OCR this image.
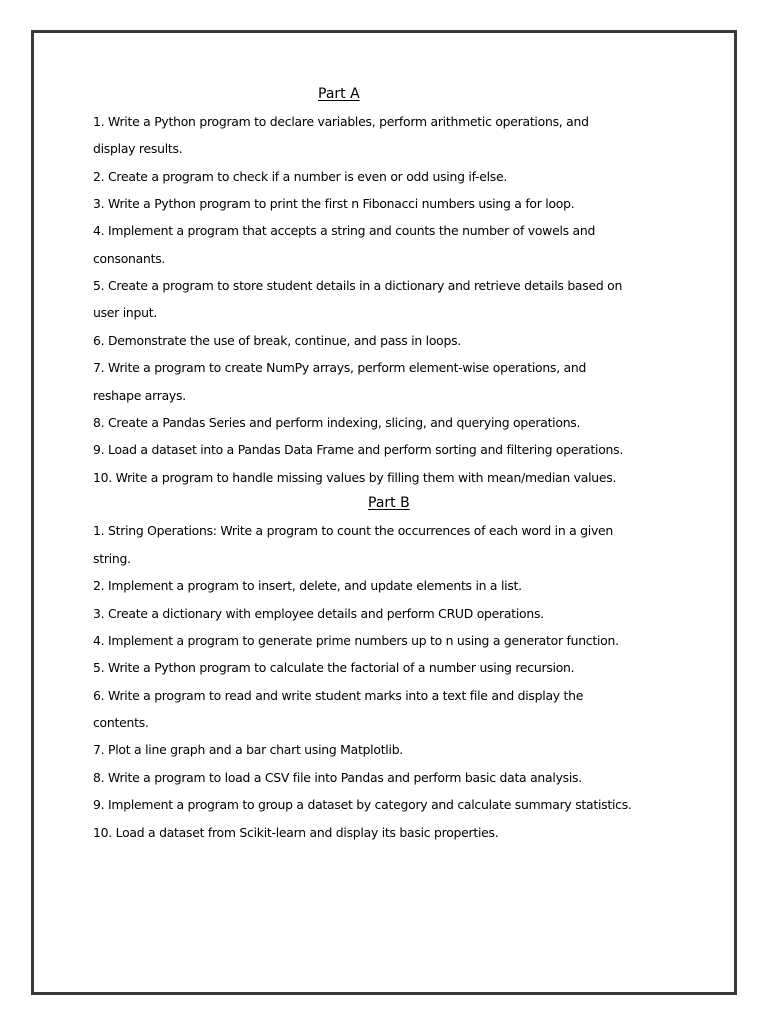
Part A
1. Write a Python program to declare variables, perform arithmetic operations, and
display results.
2. Create a program to check if a number is even or odd using if-else.
3. Write a Python program to print the first n Fibonacci numbers using a for loop.
4. Implement a program that accepts a string and counts the number of vowels and
consonants.
5. Create a program to store student details in a dictionary and retrieve details based on
user input.
6. Demonstrate the use of break, continue, and pass in loops.
7. Write a program to create NumPy arrays, perform element-wise operations, and
reshape arrays.
8. Create a Pandas Series and perform indexing, slicing, and querying operations.
9. Load a dataset into a Pandas Data Frame and perform sorting and filtering operations.
10. Write a program to handle missing values by filling them with mean/median values.
Part B
1. String Operations: Write a program to count the occurrences of each word in a given
string.
2. Implement a program to insert, delete, and update elements in a list.
3. Create a dictionary with employee details and perform CRUD operations.
4. Implement a program to generate prime numbers up to n using a generator function.
5. Write a Python program to calculate the factorial of a number using recursion.
6. Write a program to read and write student marks into a text file and display the
contents.
7. Plot a line graph and a bar chart using Matplotlib.
8. Write a program to load a CSV file into Pandas and perform basic data analysis.
9. Implement a program to group a dataset by category and calculate summary statistics.
10. Load a dataset from Scikit-learn and display its basic properties.
